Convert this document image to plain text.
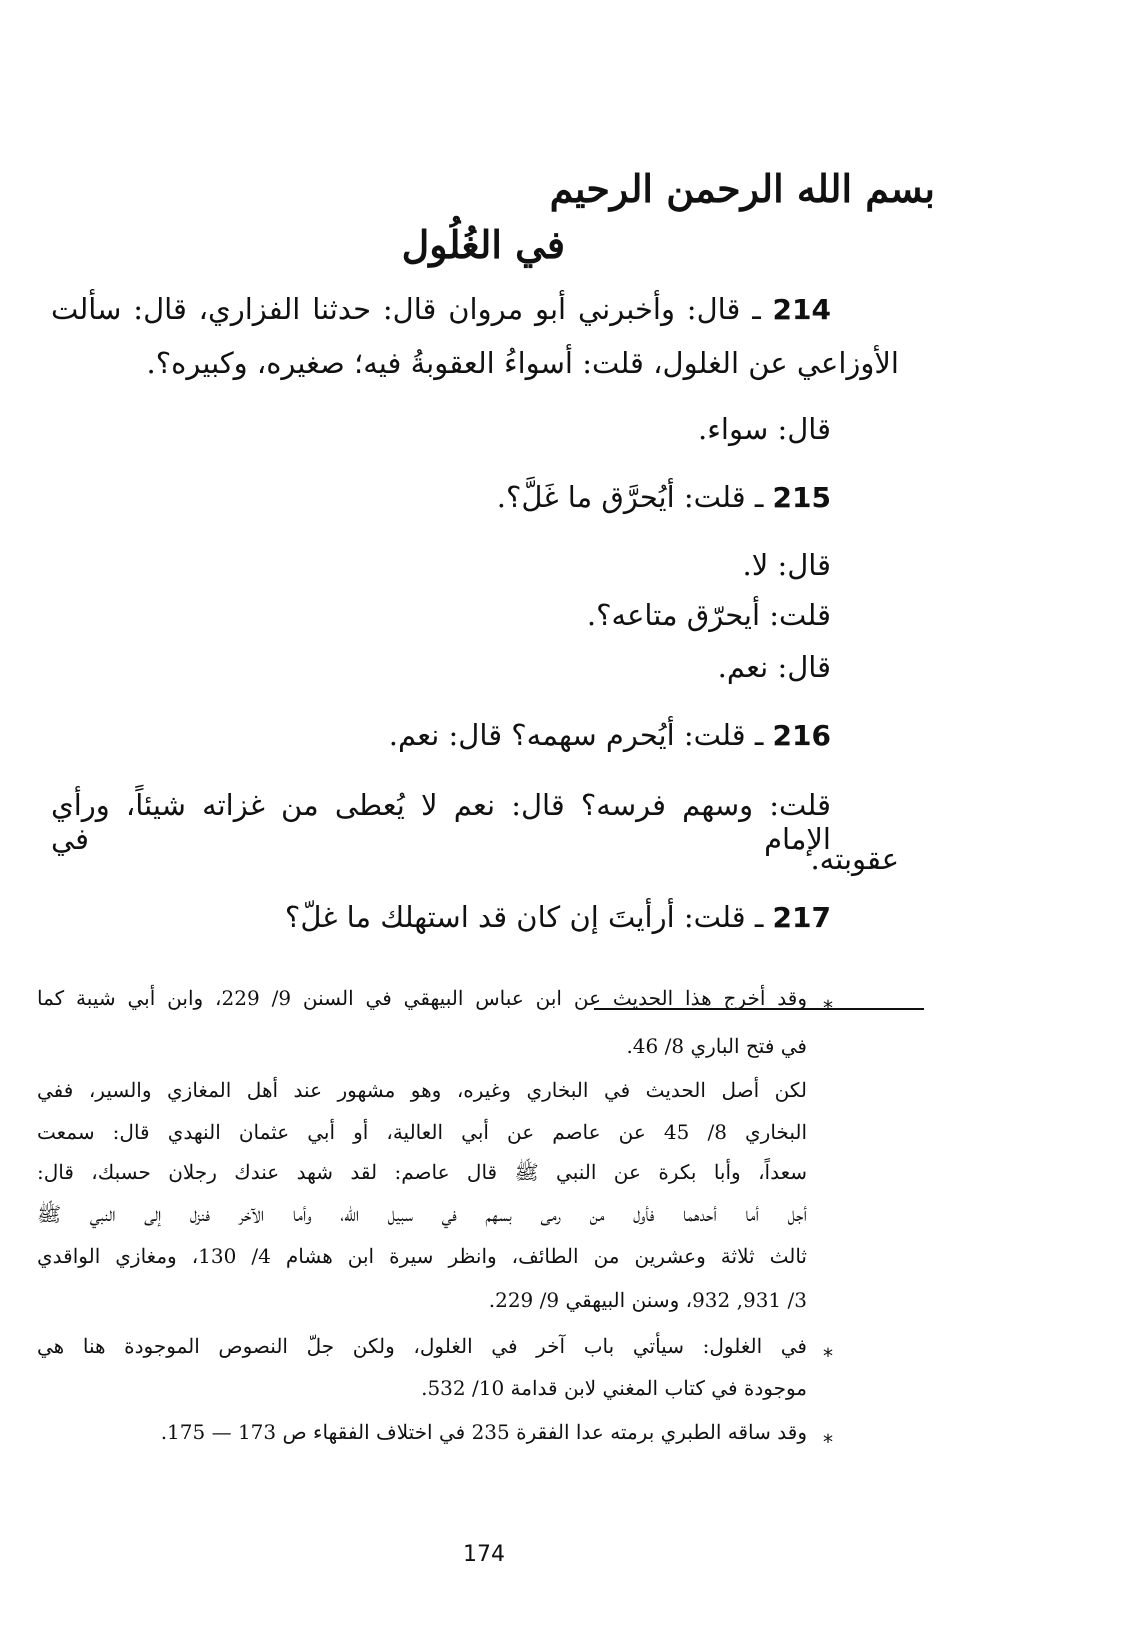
بسم الله الرحمن الرحيم
في الغُلُول
214 ـ قال: وأخبرني أبو مروان قال: حدثنا الفزاري، قال: سألت
الأوزاعي عن الغلول، قلت: أسواءُ العقوبةُ فيه؛ صغيره، وكبيره؟.
قال: سواء.
215 ـ قلت: أيُحرَّق ما غَلَّ؟.
قال: لا.
قلت: أيحرّق متاعه؟.
قال: نعم.
216 ـ قلت: أيُحرم سهمه؟ قال: نعم.
قلت: وسهم فرسه؟ قال: نعم لا يُعطى من غزاته شيئاً، ورأي الإمام في
عقوبته.
217 ـ قلت: أرأيتَ إن كان قد استهلك ما غلّ؟
*
وقد أخرج هذا الحديث عن ابن عباس البيهقي في السنن 9/ 229، وابن أبي شيبة كما
في فتح الباري 8/ 46.
لكن أصل الحديث في البخاري وغيره، وهو مشهور عند أهل المغازي والسير، ففي
البخاري 8/ 45 عن عاصم عن أبي العالية، أو أبي عثمان النهدي قال: سمعت
سعداً، وأبا بكرة عن النبي ﷺ قال عاصم: لقد شهد عندك رجلان حسبك، قال:
أجل أما أحدهما فأول من رمى بسهم في سبيل الله، وأما الآخر فنزل إلى النبي ﷺ
ثالث ثلاثة وعشرين من الطائف، وانظر سيرة ابن هشام 4/ 130، ومغازي الواقدي
3/ 931, 932، وسنن البيهقي 9/ 229.
*
في الغلول: سيأتي باب آخر في الغلول، ولكن جلّ النصوص الموجودة هنا هي
موجودة في كتاب المغني لابن قدامة 10/ 532.
*
وقد ساقه الطبري برمته عدا الفقرة 235 في اختلاف الفقهاء ص 173 — 175.
174
